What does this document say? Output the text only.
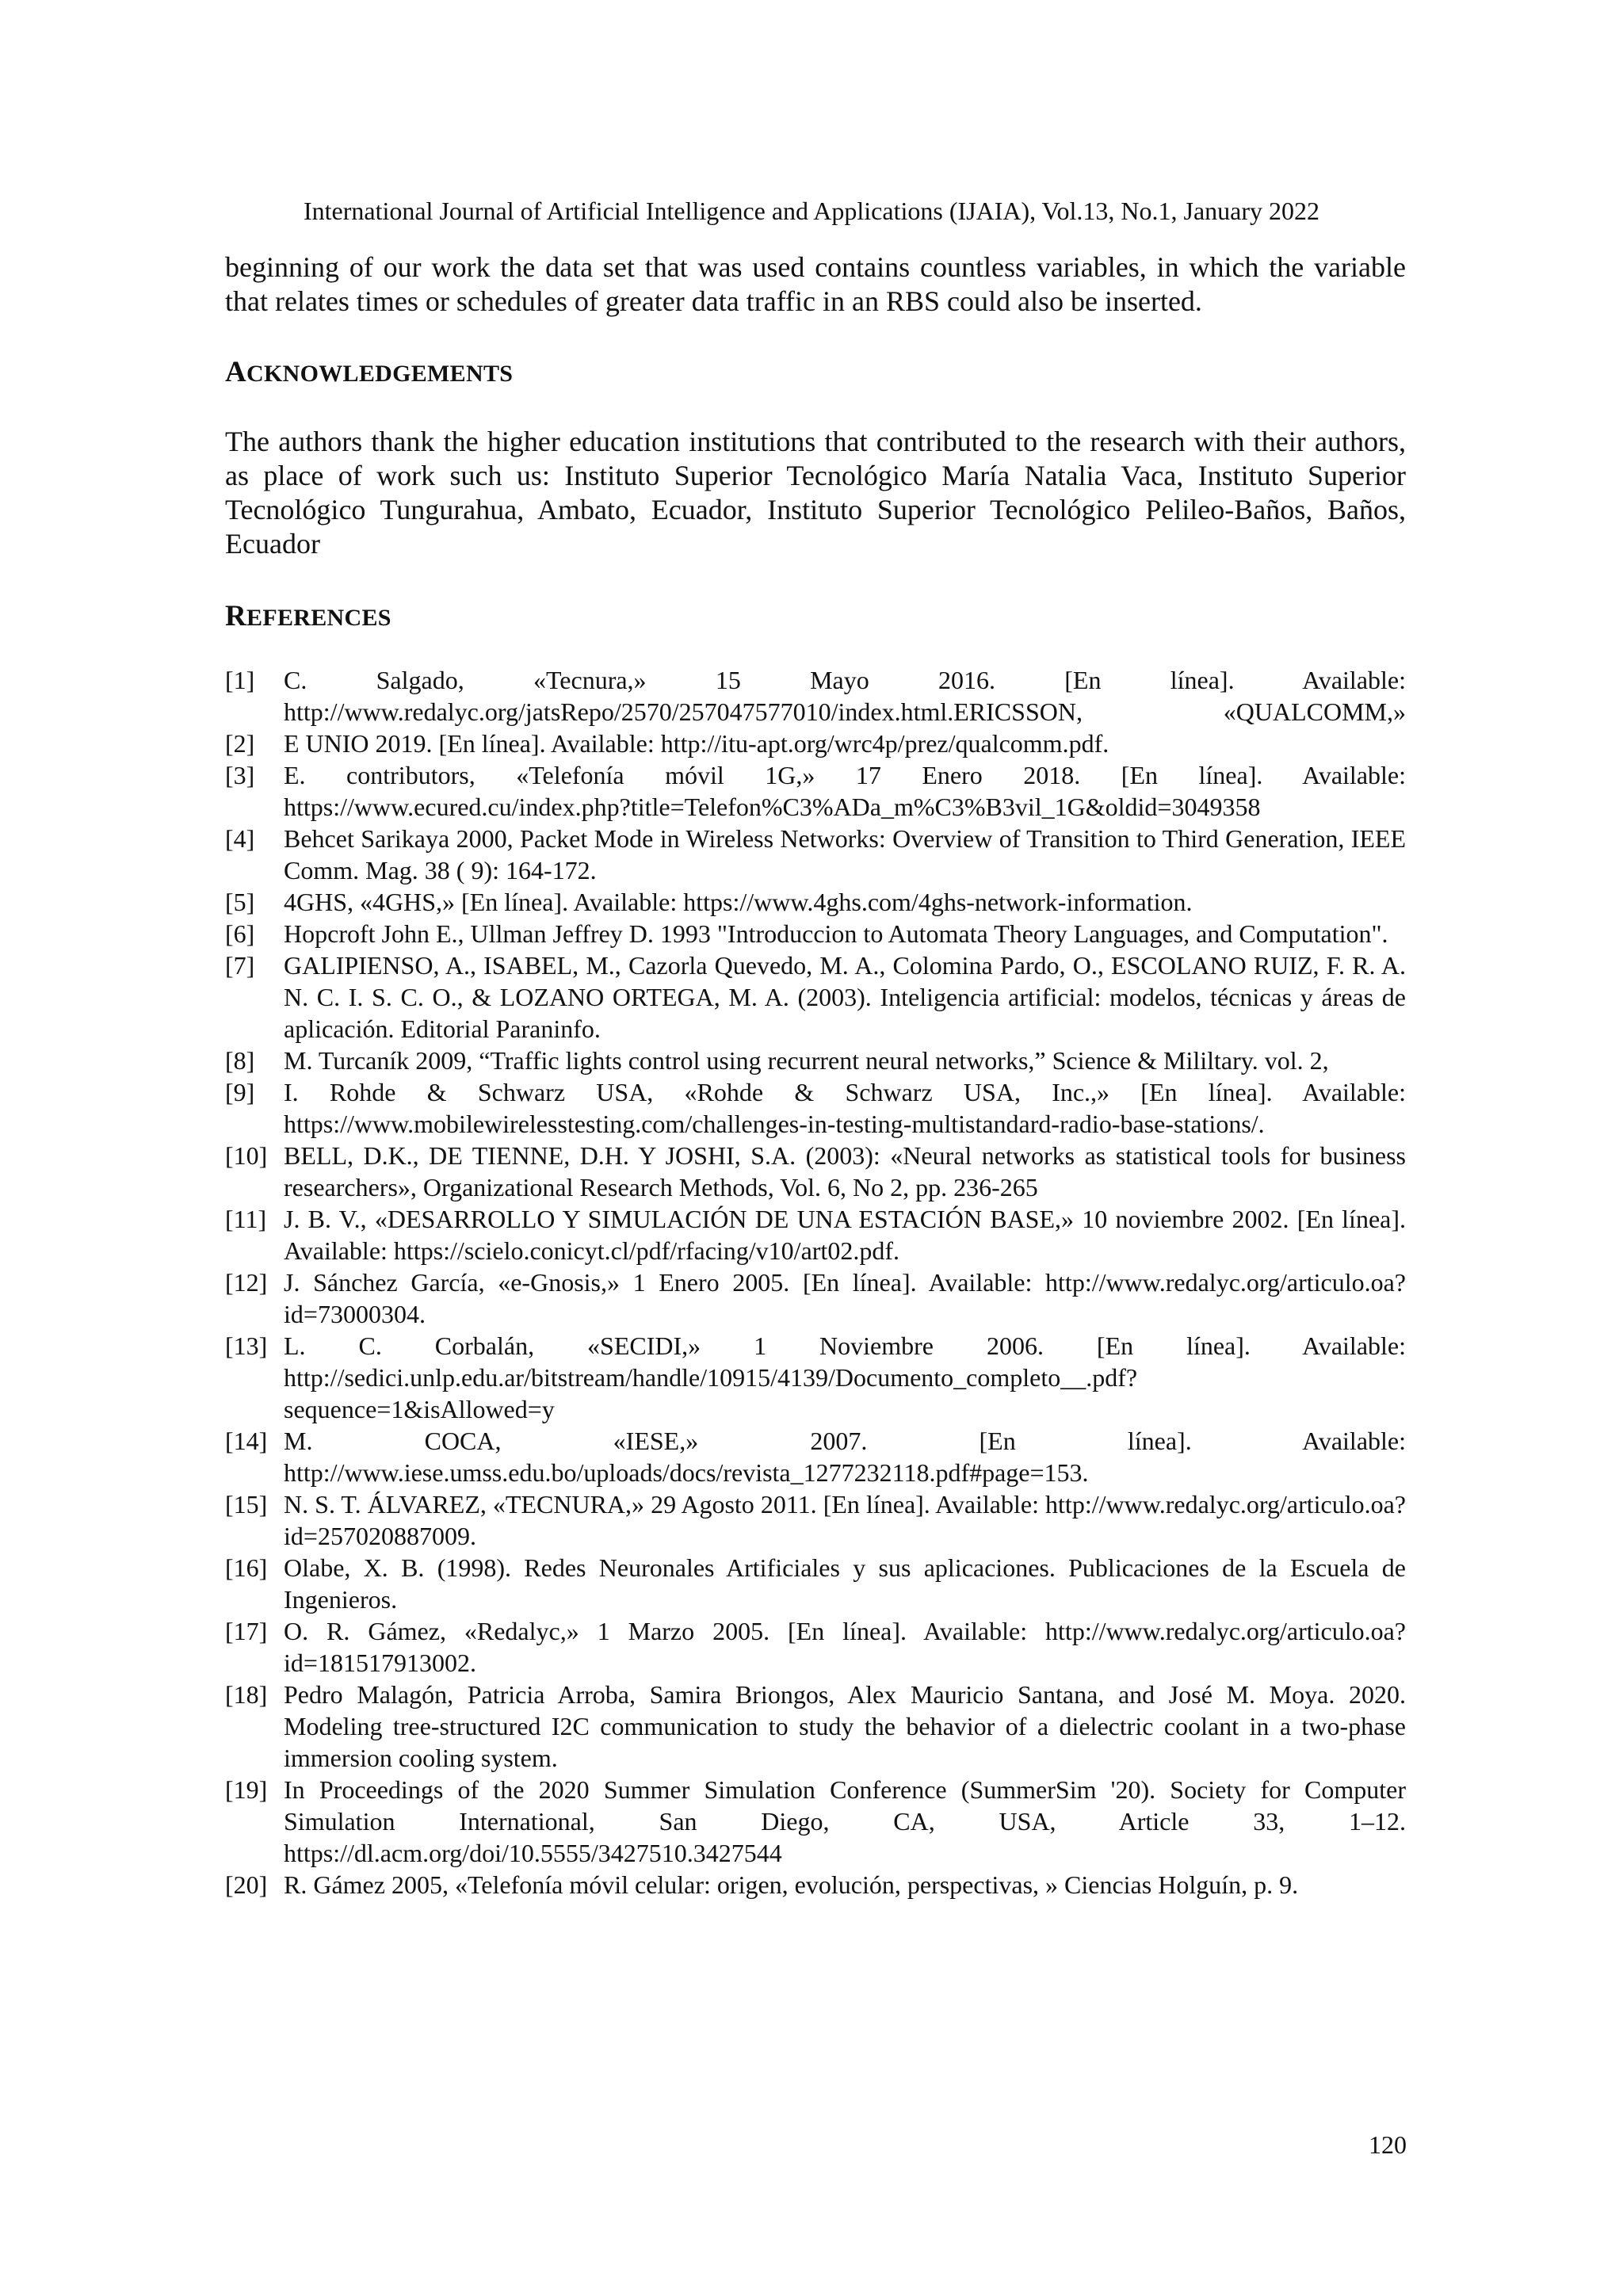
International Journal of Artificial Intelligence and Applications (IJAIA), Vol.13, No.1, January 2022

beginning of our work the data set that was used contains countless variables, in which the variable that relates times or schedules of greater data traffic in an RBS could also be inserted.

ACKNOWLEDGEMENTS

The authors thank the higher education institutions that contributed to the research with their authors, as place of work such us: Instituto Superior Tecnológico María Natalia Vaca, Instituto Superior Tecnológico Tungurahua, Ambato, Ecuador, Instituto Superior Tecnológico Pelileo-Baños, Baños, Ecuador

REFERENCES
[1]	C. Salgado, «Tecnura,» 15 Mayo 2016. [En línea]. Available: http://www.redalyc.org/jatsRepo/2570/257047577010/index.html.ERICSSON, «QUALCOMM,»
[2]	E UNIO 2019. [En línea]. Available: http://itu-apt.org/wrc4p/prez/qualcomm.pdf.
[3]	E. contributors, «Telefonía móvil 1G,» 17 Enero 2018. [En línea]. Available: https://www.ecured.cu/index.php?title=Telefon%C3%ADa_m%C3%B3vil_1G&oldid=3049358
[4]	Behcet Sarikaya 2000, Packet Mode in Wireless Networks: Overview of Transition to Third Generation, IEEE Comm. Mag. 38 ( 9): 164-172.
[5]	4GHS, «4GHS,» [En línea]. Available: https://www.4ghs.com/4ghs-network-information.
[6]	Hopcroft John E., Ullman Jeffrey D. 1993 "Introduccion to Automata Theory Languages, and Computation".
[7]	GALIPIENSO, A., ISABEL, M., Cazorla Quevedo, M. A., Colomina Pardo, O., ESCOLANO RUIZ, F. R. A. N. C. I. S. C. O., & LOZANO ORTEGA, M. A. (2003). Inteligencia artificial: modelos, técnicas y áreas de aplicación. Editorial Paraninfo.
[8]	M. Turcaník 2009, “Traffic lights control using recurrent neural networks,” Science & Mililtary. vol. 2,
[9]	I. Rohde & Schwarz USA, «Rohde & Schwarz USA, Inc.,» [En línea]. Available: https://www.mobilewirelesstesting.com/challenges-in-testing-multistandard-radio-base-stations/.
[10] BELL, D.K., DE TIENNE, D.H. Y JOSHI, S.A. (2003): «Neural networks as statistical tools for business researchers», Organizational Research Methods, Vol. 6, No 2, pp. 236-265
[11] J. B. V., «DESARROLLO Y SIMULACIÓN DE UNA ESTACIÓN BASE,» 10 noviembre 2002. [En línea]. Available: https://scielo.conicyt.cl/pdf/rfacing/v10/art02.pdf.
[12] J. Sánchez García, «e-Gnosis,» 1 Enero 2005. [En línea]. Available: http://www.redalyc.org/articulo.oa?id=73000304.
[13] L. C. Corbalán, «SECIDI,» 1 Noviembre 2006. [En línea]. Available: http://sedici.unlp.edu.ar/bitstream/handle/10915/4139/Documento_completo__.pdf?sequence=1&isAllowed=y
[14] M. COCA, «IESE,» 2007. [En línea]. Available: http://www.iese.umss.edu.bo/uploads/docs/revista_1277232118.pdf#page=153.
[15] N. S. T. ÁLVAREZ, «TECNURA,» 29 Agosto 2011. [En línea]. Available: http://www.redalyc.org/articulo.oa?id=257020887009.
[16] Olabe, X. B. (1998). Redes Neuronales Artificiales y sus aplicaciones. Publicaciones de la Escuela de Ingenieros.
[17] O. R. Gámez, «Redalyc,» 1 Marzo 2005. [En línea]. Available: http://www.redalyc.org/articulo.oa?id=181517913002.
[18] Pedro Malagón, Patricia Arroba, Samira Briongos, Alex Mauricio Santana, and José M. Moya. 2020. Modeling tree-structured I2C communication to study the behavior of a dielectric coolant in a two-phase immersion cooling system.
[19] In Proceedings of the 2020 Summer Simulation Conference (SummerSim '20). Society for Computer Simulation International, San Diego, CA, USA, Article 33, 1–12. https://dl.acm.org/doi/10.5555/3427510.3427544
[20] R. Gámez 2005, «Telefonía móvil celular: origen, evolución, perspectivas, » Ciencias Holguín, p. 9.
120
